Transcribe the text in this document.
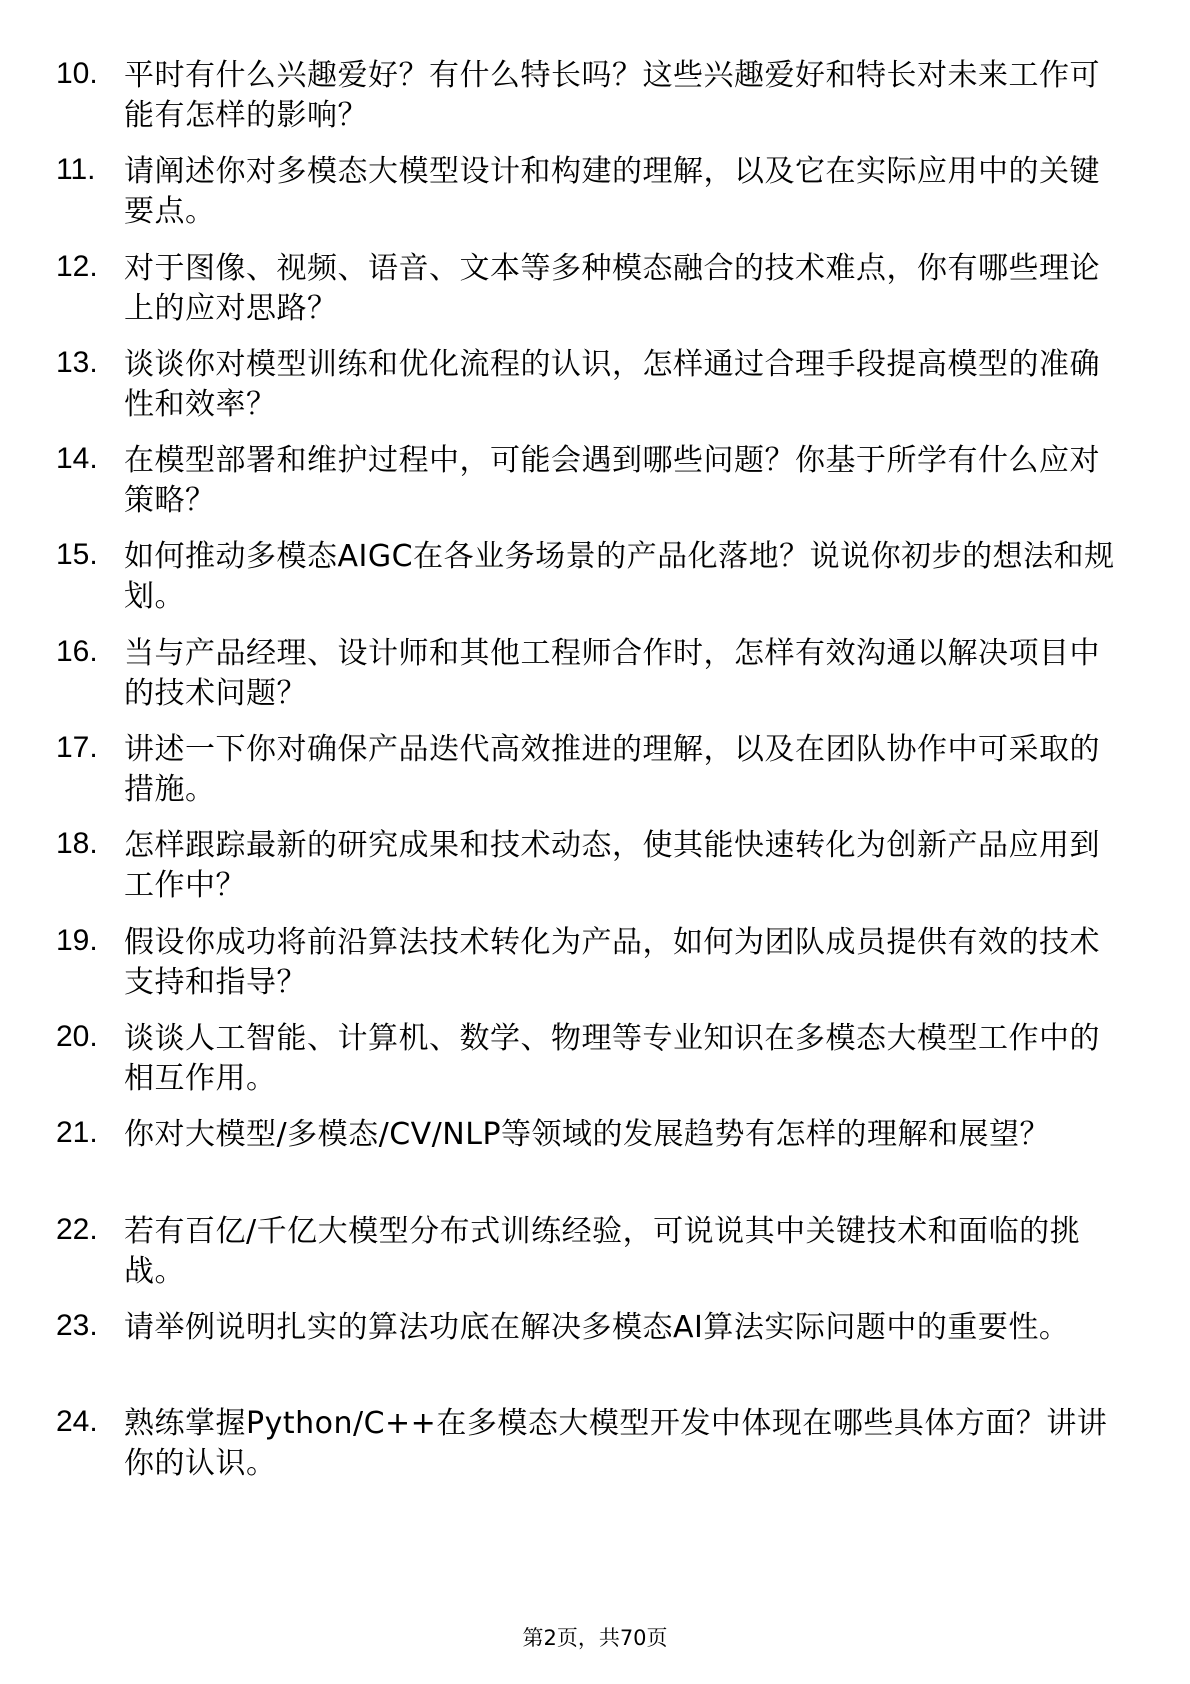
10. 平时有什么兴趣爱好？有什么特长吗？这些兴趣爱好和特长对未来工作可能有怎样的影响？
11. 请阐述你对多模态大模型设计和构建的理解，以及它在实际应用中的关键要点。
12. 对于图像、视频、语音、文本等多种模态融合的技术难点，你有哪些理论上的应对思路？
13. 谈谈你对模型训练和优化流程的认识，怎样通过合理手段提高模型的准确性和效率？
14. 在模型部署和维护过程中，可能会遇到哪些问题？你基于所学有什么应对策略？
15. 如何推动多模态AIGC在各业务场景的产品化落地？说说你初步的想法和规划。
16. 当与产品经理、设计师和其他工程师合作时，怎样有效沟通以解决项目中的技术问题？
17. 讲述一下你对确保产品迭代高效推进的理解，以及在团队协作中可采取的措施。
18. 怎样跟踪最新的研究成果和技术动态，使其能快速转化为创新产品应用到工作中？
19. 假设你成功将前沿算法技术转化为产品，如何为团队成员提供有效的技术支持和指导？
20. 谈谈人工智能、计算机、数学、物理等专业知识在多模态大模型工作中的相互作用。
21. 你对大模型/多模态/CV/NLP等领域的发展趋势有怎样的理解和展望？
22. 若有百亿/千亿大模型分布式训练经验，可说说其中关键技术和面临的挑战。
23. 请举例说明扎实的算法功底在解决多模态AI算法实际问题中的重要性。
24. 熟练掌握Python/C++在多模态大模型开发中体现在哪些具体方面？讲讲你的认识。
第2页，共70页
